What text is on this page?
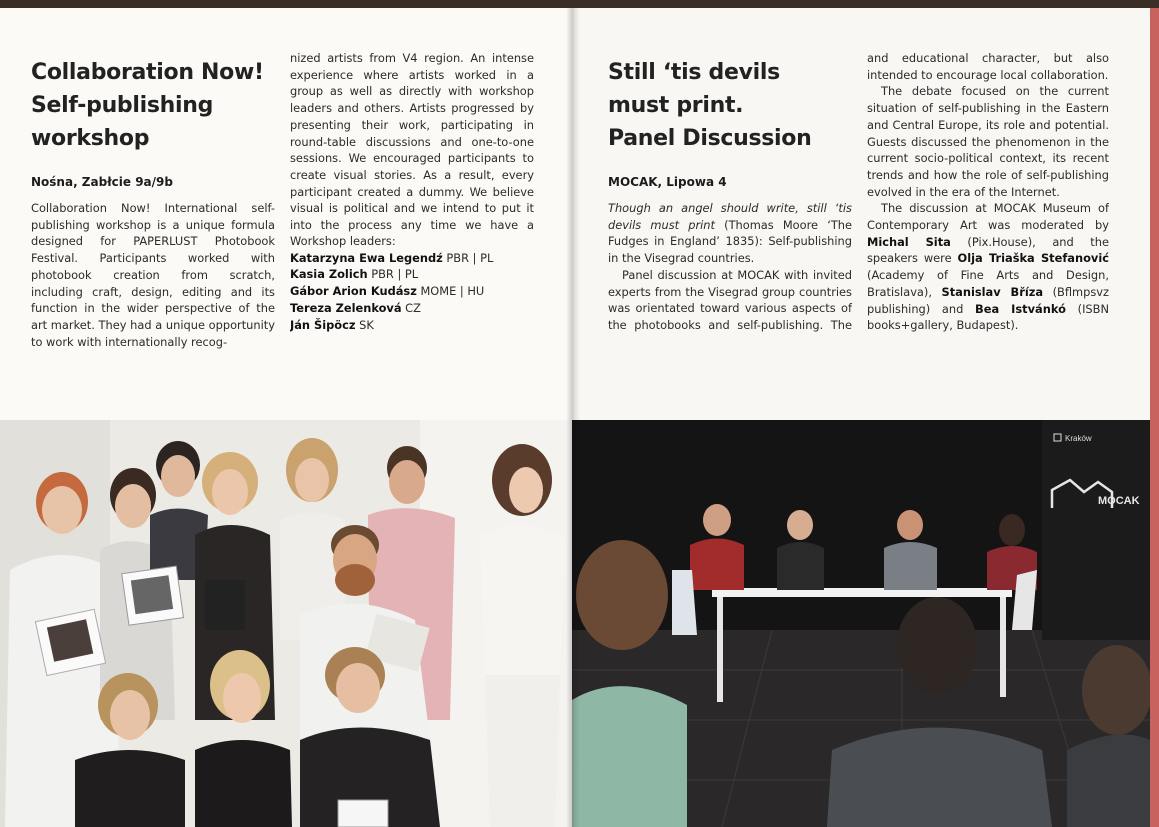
Collaboration Now!
Self-publishing
workshop
Nośna, Zabłcie 9a/9b

Collaboration Now! International self-publishing workshop is a unique formula designed for PAPERLUST Photobook Festival. Participants worked with photobook creation from scratch, including craft, design, editing and its function in the wider perspective of the art market. They had a unique opportunity to work with internationally recog-

nized artists from V4 region. An intense experience where artists worked in a group as well as directly with workshop leaders and others. Artists progressed by presenting their work, participating in round-table discussions and one-to-one sessions. We encouraged participants to create visual stories. As a result, every participant created a dummy. We believe visual is political and we intend to put it into the process any time we have a

Workshop leaders:

Katarzyna Ewa Legendź PBR | PL

Kasia Zolich PBR | PL

Gábor Arion Kudász MOME | HU

Tereza Zelenková CZ

Ján Šipöcz SK

Still ‘tis devils
must print.
Panel Discussion
MOCAK, Lipowa 4

Though an angel should write, still ‘tis devils must print (Thomas Moore ‘The Fudges in England’ 1835): Self-publishing in the Visegrad countries.

Panel discussion at MOCAK with invited experts from the Visegrad group countries was orientated toward various aspects of the photobooks and self-publishing. The

and educational character, but also intended to encourage local collaboration.

The debate focused on the current situation of self-publishing in the Eastern and Central Europe, its role and potential. Guests discussed the phenomenon in the current socio-political context, its recent trends and how the role of self-publishing evolved in the era of the Internet.

The discussion at MOCAK Museum of Contemporary Art was moderated by Michal Sita (Pix.House), and the speakers were Olja Triaška Stefanović (Academy of Fine Arts and Design, Bratislava), Stanislav Bříza (Bflmpsvz publishing) and Bea Istvánkó (ISBN books+gallery, Budapest).

MOCAK
Kraków
